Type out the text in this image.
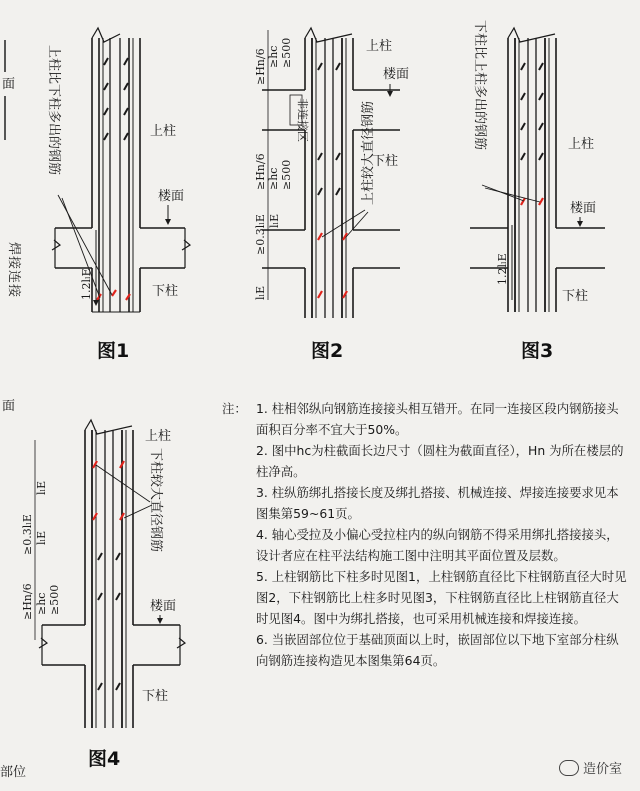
面
面
焊接连接
部位
1.2lₗE
上柱比下柱多出的钢筋	上柱
楼面
下柱
图1
非连接区
≥Hn/6 ≥hc ≥500
≥Hn/6 ≥hc ≥500
≥0.3lₗE lₗE
lₗE
上柱较大直径钢筋
上柱
楼面
下柱
图2
1.2lₗE
下柱比上柱多出的钢筋	上柱
楼面
下柱
图3
lₗE
≥0.3lₗE lₗE
≥Hn/6 ≥hc ≥500
下柱较大直径钢筋
上柱
楼面
下柱
图4
注： 1. 柱相邻纵向钢筋连接接头相互错开。在同一连接区段内钢筋接头面积百分率不宜大于50%。
2. 图中hc为柱截面长边尺寸（圆柱为截面直径），Hn 为所在楼层的柱净高。
3. 柱纵筋绑扎搭接长度及绑扎搭接、机械连接、焊接连接要求见本图集第59~61页。
4. 轴心受拉及小偏心受拉柱内的纵向钢筋不得采用绑扎搭接接头，设计者应在柱平法结构施工图中注明其平面位置及层数。
5. 上柱钢筋比下柱多时见图1，上柱钢筋直径比下柱钢筋直径大时见图2，下柱钢筋比上柱多时见图3，下柱钢筋直径比上柱钢筋直径大时见图4。图中为绑扎搭接，也可采用机械连接和焊接连接。
6. 当嵌固部位位于基础顶面以上时，嵌固部位以下地下室部分柱纵向钢筋连接构造见本图集第64页。
造价室
